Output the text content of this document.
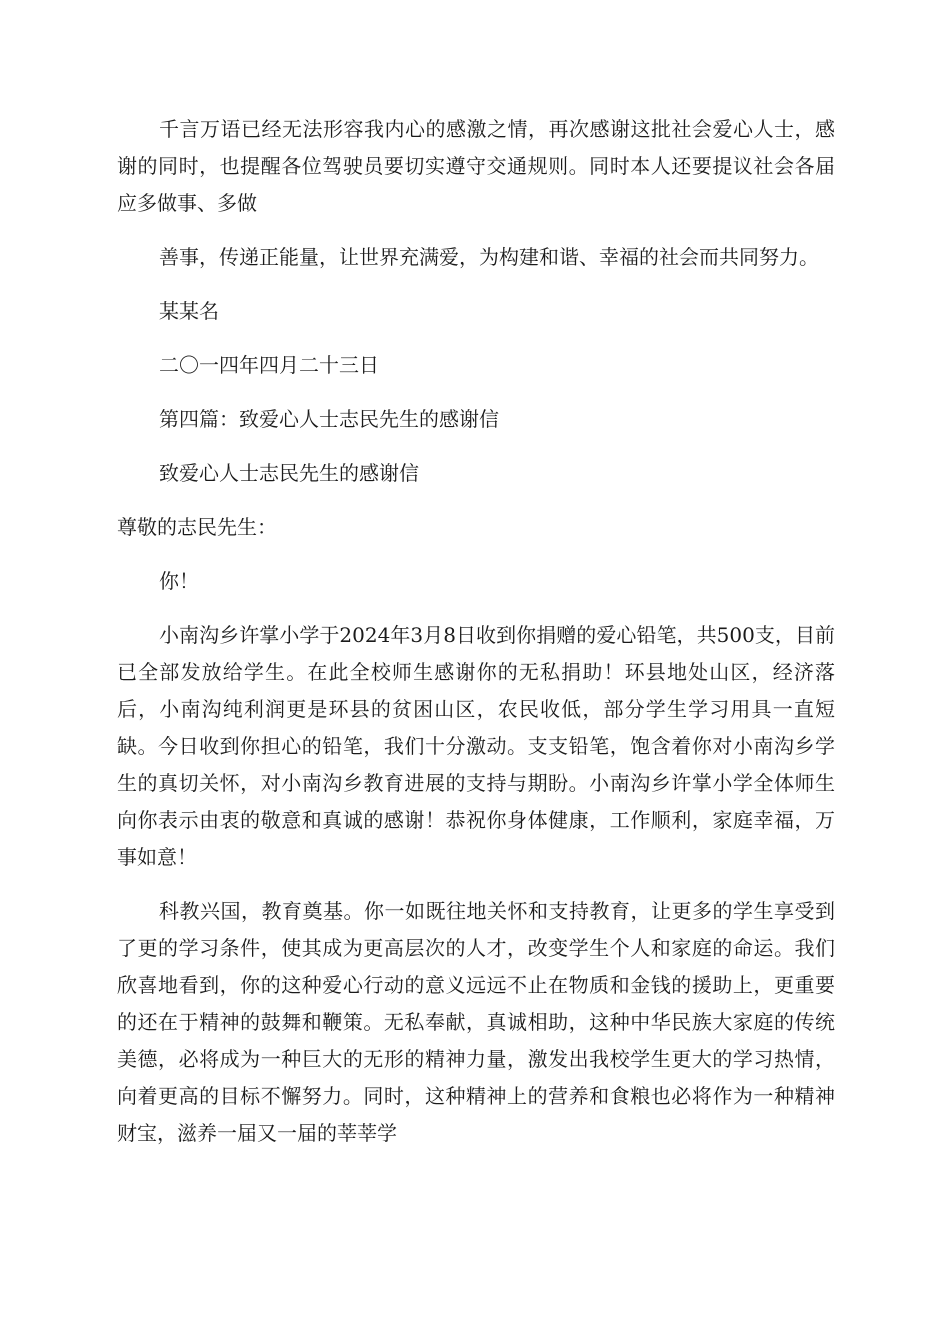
千言万语已经无法形容我内心的感激之情，再次感谢这批社会爱心人士，感谢的同时，也提醒各位驾驶员要切实遵守交通规则。同时本人还要提议社会各届应多做事、多做

善事，传递正能量，让世界充满爱，为构建和谐、幸福的社会而共同努力。

某某名

二〇一四年四月二十三日

第四篇：致爱心人士志民先生的感谢信

致爱心人士志民先生的感谢信

尊敬的志民先生：

你！

小南沟乡许掌小学于2024年3月8日收到你捐赠的爱心铅笔，共500支，目前已全部发放给学生。在此全校师生感谢你的无私捐助！环县地处山区，经济落后，小南沟纯利润更是环县的贫困山区，农民收低，部分学生学习用具一直短缺。今日收到你担心的铅笔，我们十分激动。支支铅笔，饱含着你对小南沟乡学生的真切关怀，对小南沟乡教育进展的支持与期盼。小南沟乡许掌小学全体师生向你表示由衷的敬意和真诚的感谢！恭祝你身体健康，工作顺利，家庭幸福，万事如意！

科教兴国，教育奠基。你一如既往地关怀和支持教育，让更多的学生享受到了更的学习条件，使其成为更高层次的人才，改变学生个人和家庭的命运。我们欣喜地看到，你的这种爱心行动的意义远远不止在物质和金钱的援助上，更重要的还在于精神的鼓舞和鞭策。无私奉献，真诚相助，这种中华民族大家庭的传统美德，必将成为一种巨大的无形的精神力量，激发出我校学生更大的学习热情，向着更高的目标不懈努力。同时，这种精神上的营养和食粮也必将作为一种精神财宝，滋养一届又一届的莘莘学
